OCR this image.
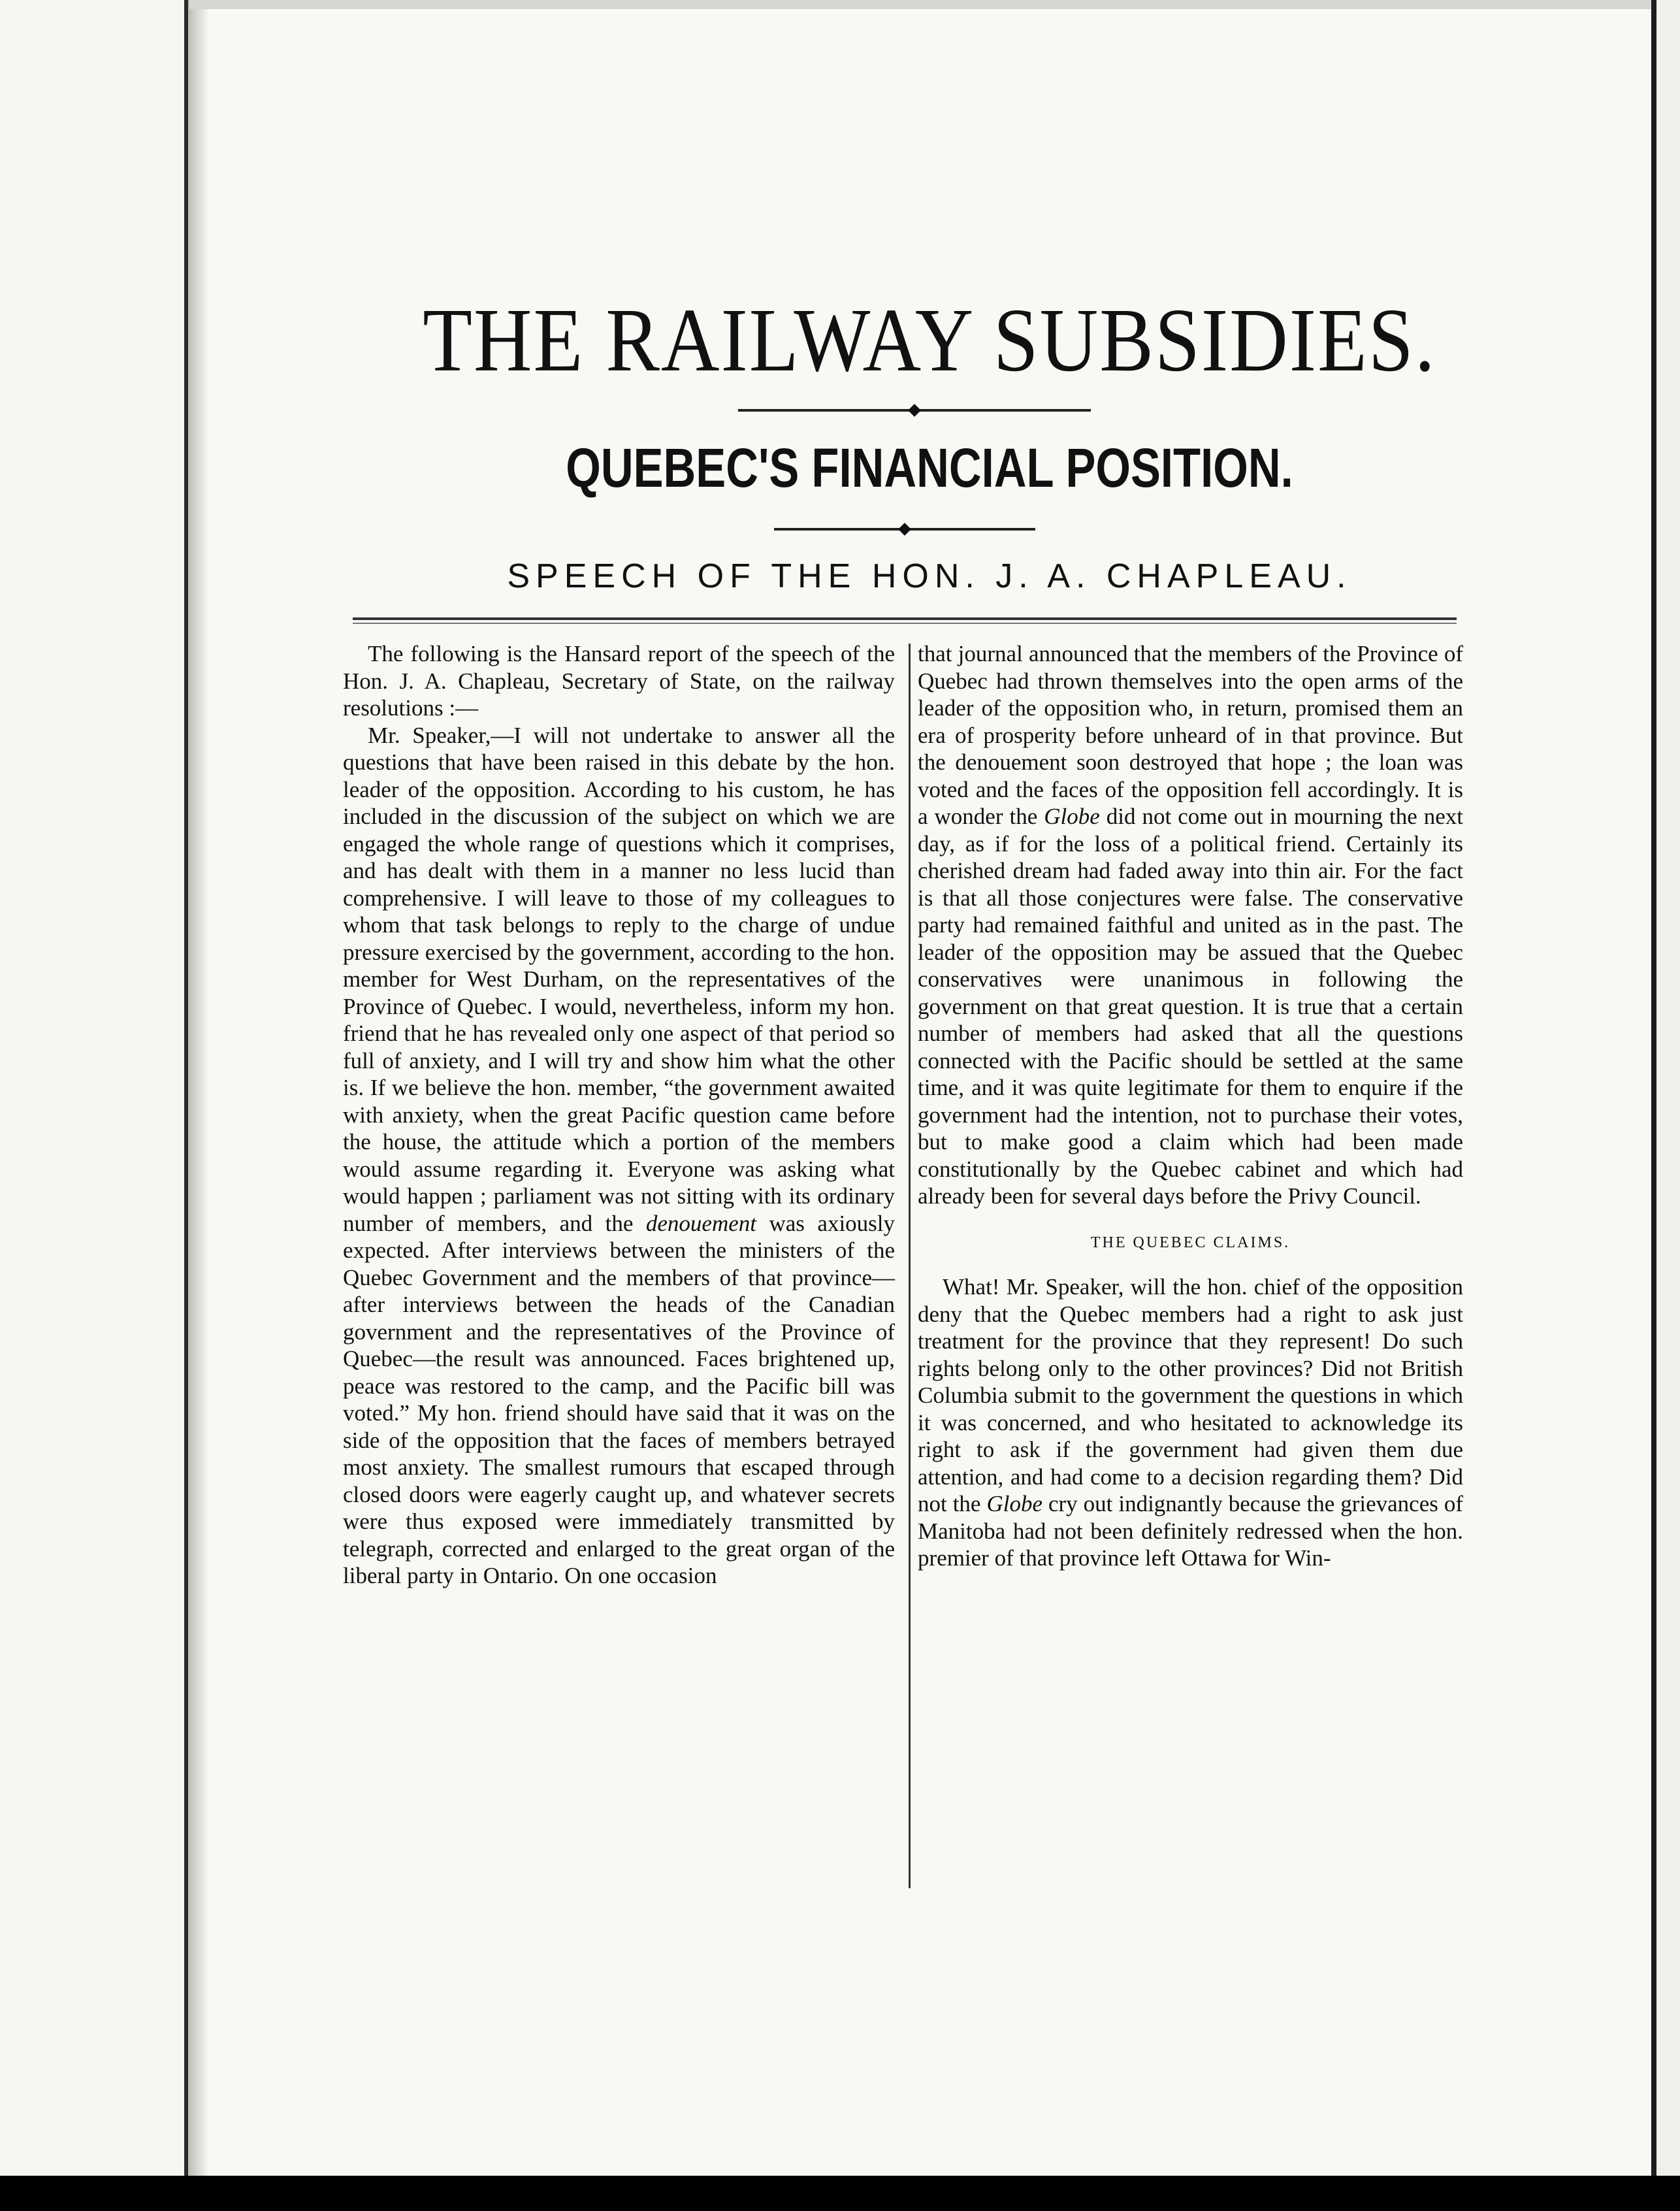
THE RAILWAY SUBSIDIES.
QUEBEC'S FINANCIAL POSITION.
SPEECH OF THE HON. J. A. CHAPLEAU.

The following is the Hansard report of the speech of the Hon. J. A. Chapleau, Secretary of State, on the railway resolutions :—

Mr. Speaker,—I will not undertake to answer all the questions that have been raised in this debate by the hon. leader of the opposition. According to his custom, he has included in the discussion of the subject on which we are engaged the whole range of questions which it comprises, and has dealt with them in a manner no less lucid than comprehensive. I will leave to those of my colleagues to whom that task belongs to reply to the charge of undue pressure exercised by the government, according to the hon. member for West Durham, on the representatives of the Province of Quebec. I would, nevertheless, inform my hon. friend that he has revealed only one aspect of that period so full of anxiety, and I will try and show him what the other is. If we believe the hon. member, “the government awaited with anxiety, when the great Pacific question came before the house, the attitude which a portion of the members would assume regarding it. Everyone was asking what would happen ; parliament was not sitting with its ordinary number of members, and the denouement was axiously expected. After interviews between the ministers of the Quebec Government and the members of that province—after interviews between the heads of the Canadian government and the representatives of the Province of Quebec—the result was announced. Faces brightened up, peace was restored to the camp, and the Pacific bill was voted.” My hon. friend should have said that it was on the side of the opposition that the faces of members betrayed most anxiety. The smallest rumours that escaped through closed doors were eagerly caught up, and whatever secrets were thus exposed were immediately transmitted by telegraph, corrected and enlarged to the great organ of the liberal party in Ontario. On one occasion

that journal announced that the members of the Province of Quebec had thrown themselves into the open arms of the leader of the opposition who, in return, promised them an era of prosperity before unheard of in that province. But the denouement soon destroyed that hope ; the loan was voted and the faces of the opposition fell accordingly. It is a wonder the Globe did not come out in mourning the next day, as if for the loss of a political friend. Certainly its cherished dream had faded away into thin air. For the fact is that all those conjectures were false. The conservative party had remained faithful and united as in the past. The leader of the opposition may be assued that the Quebec conservatives were unanimous in following the government on that great question. It is true that a certain number of members had asked that all the questions connected with the Pacific should be settled at the same time, and it was quite legitimate for them to enquire if the government had the intention, not to purchase their votes, but to make good a claim which had been made constitutionally by the Quebec cabinet and which had already been for several days before the Privy Council.

THE QUEBEC CLAIMS.

What! Mr. Speaker, will the hon. chief of the opposition deny that the Quebec members had a right to ask just treatment for the province that they represent! Do such rights belong only to the other provinces? Did not British Columbia submit to the government the questions in which it was concerned, and who hesitated to acknowledge its right to ask if the government had given them due attention, and had come to a decision regarding them? Did not the Globe cry out indignantly because the grievances of Manitoba had not been definitely redressed when the hon. premier of that province left Ottawa for Win-
